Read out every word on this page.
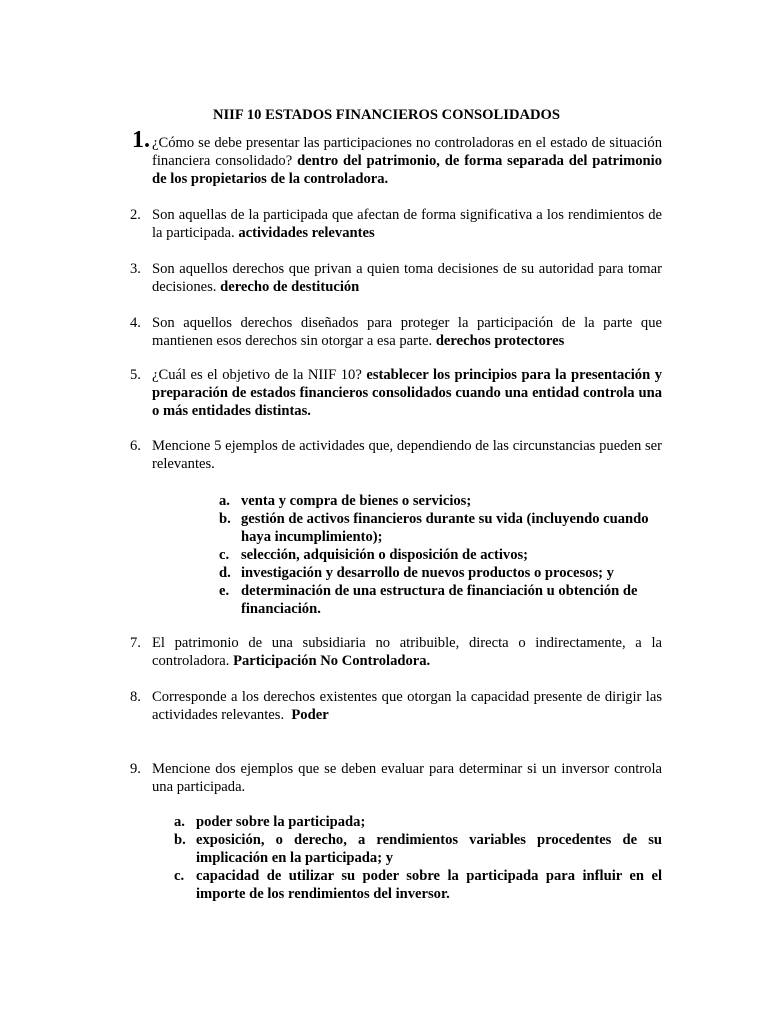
NIIF 10 ESTADOS FINANCIEROS CONSOLIDADOS
1. ¿Cómo se debe presentar las participaciones no controladoras en el estado de situación financiera consolidado? dentro del patrimonio, de forma separada del patrimonio de los propietarios de la controladora.
2. Son aquellas de la participada que afectan de forma significativa a los rendimientos de la participada. actividades relevantes
3. Son aquellos derechos que privan a quien toma decisiones de su autoridad para tomar decisiones. derecho de destitución
4. Son aquellos derechos diseñados para proteger la participación de la parte que mantienen esos derechos sin otorgar a esa parte. derechos protectores
5. ¿Cuál es el objetivo de la NIIF 10? establecer los principios para la presentación y preparación de estados financieros consolidados cuando una entidad controla una o más entidades distintas.
6. Mencione 5 ejemplos de actividades que, dependiendo de las circunstancias pueden ser relevantes.
a. venta y compra de bienes o servicios;
b. gestión de activos financieros durante su vida (incluyendo cuando haya incumplimiento);
c. selección, adquisición o disposición de activos;
d. investigación y desarrollo de nuevos productos o procesos; y
e. determinación de una estructura de financiación u obtención de financiación.
7. El patrimonio de una subsidiaria no atribuible, directa o indirectamente, a la controladora. Participación No Controladora.
8. Corresponde a los derechos existentes que otorgan la capacidad presente de dirigir las actividades relevantes. Poder
9. Mencione dos ejemplos que se deben evaluar para determinar si un inversor controla una participada.
a. poder sobre la participada;
b. exposición, o derecho, a rendimientos variables procedentes de su implicación en la participada; y
c. capacidad de utilizar su poder sobre la participada para influir en el importe de los rendimientos del inversor.
